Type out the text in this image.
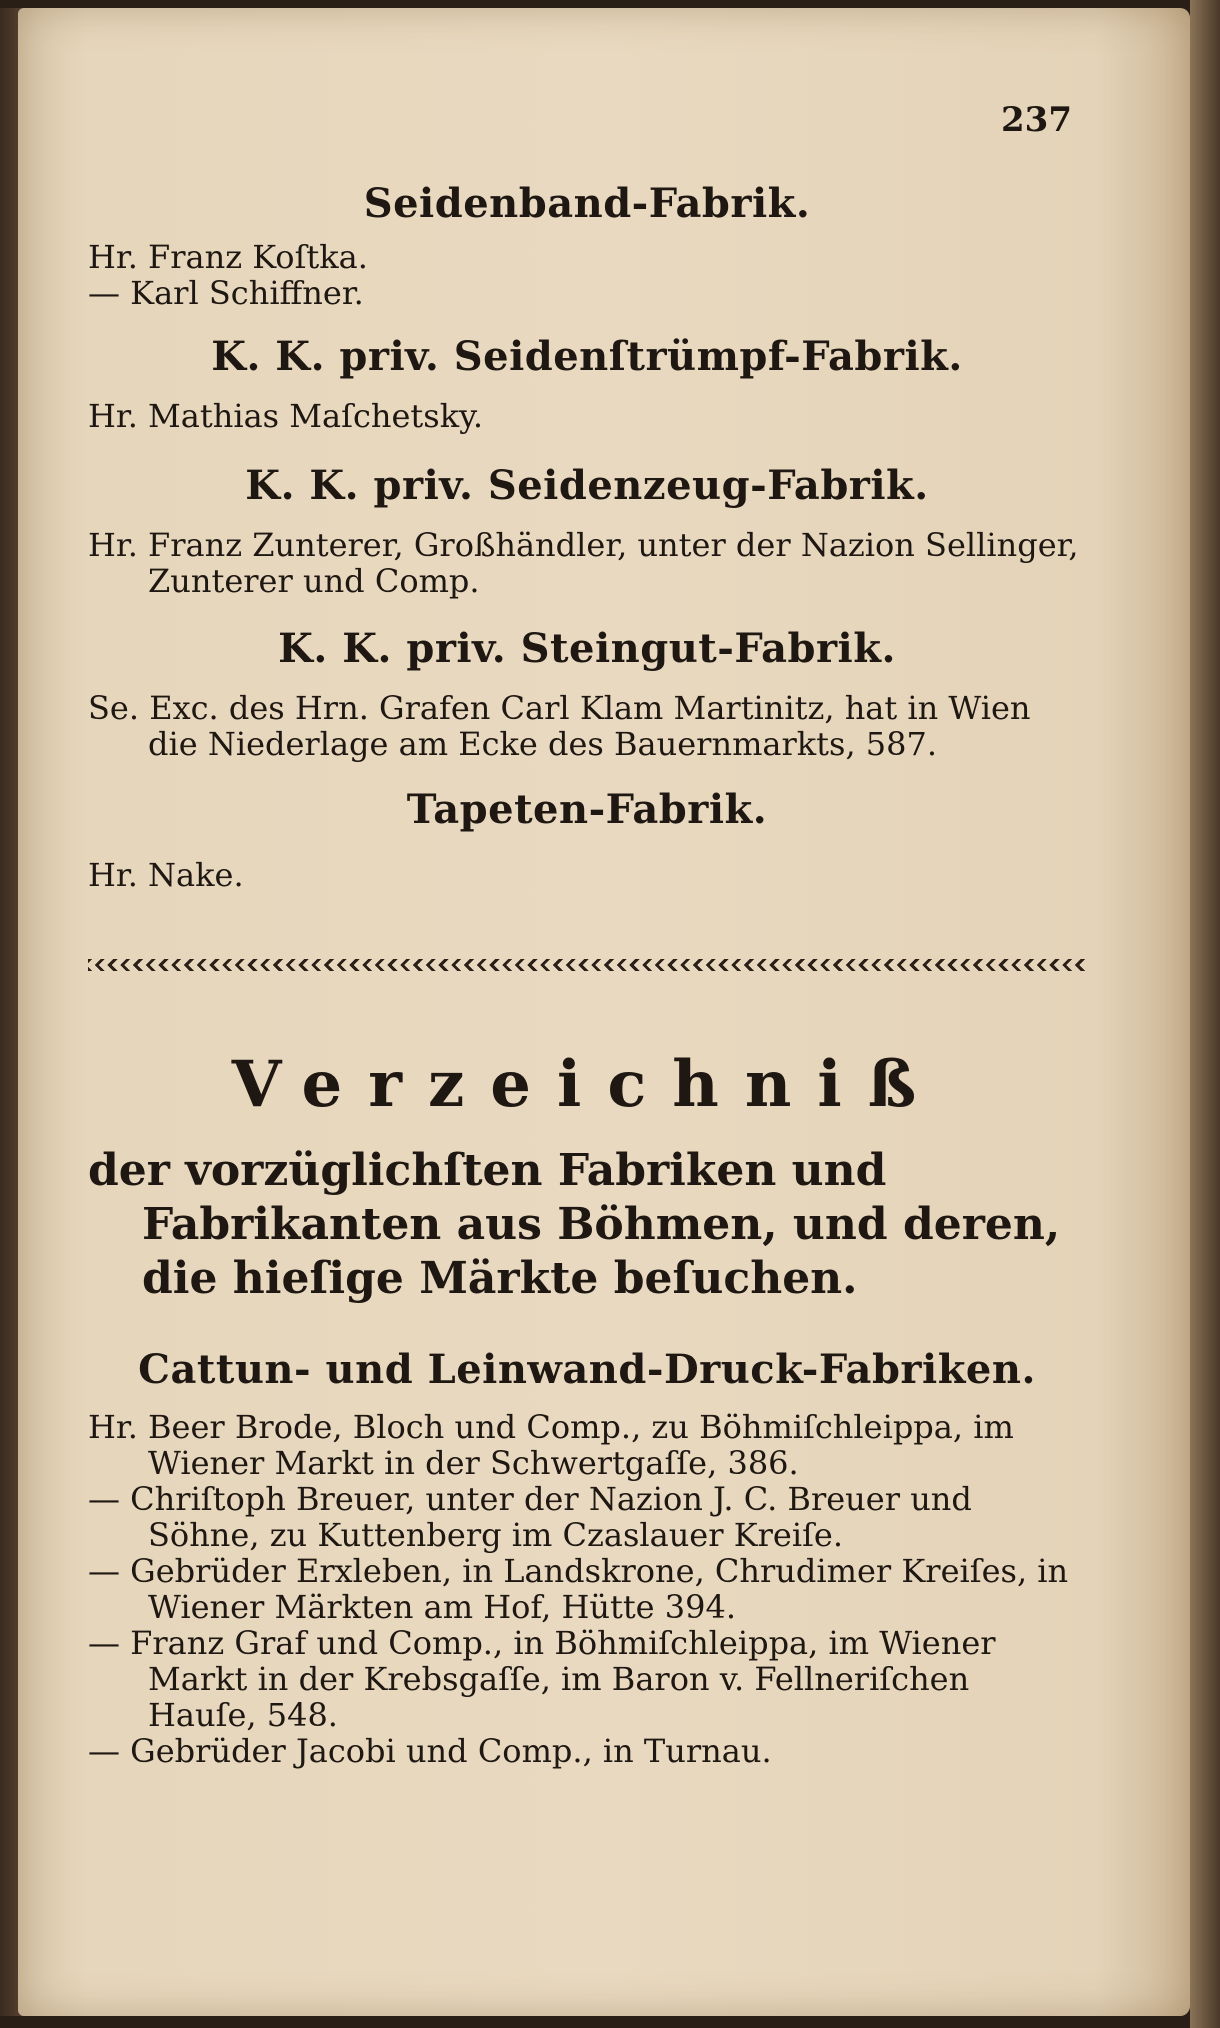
237
Seidenband-Fabrik.

Hr. Franz Koſtka.

— Karl Schiffner.

K. K. priv. Seidenſtrümpf-Fabrik.

Hr. Mathias Maſchetsky.

K. K. priv. Seidenzeug-Fabrik.

Hr. Franz Zunterer, Großhändler, unter der Nazion Sellinger, Zunterer und Comp.

K. K. priv. Steingut-Fabrik.

Se. Exc. des Hrn. Grafen Carl Klam Martinitz, hat in Wien die Niederlage am Ecke des Bauernmarkts, 587.

Tapeten-Fabrik.

Hr. Nake.

Verzeichniß

der vorzüglichſten Fabriken und Fabrikanten aus Böhmen, und deren, die hieſige Märkte beſuchen.

Cattun- und Leinwand-Druck-Fabriken.

Hr. Beer Brode, Bloch und Comp., zu Böhmiſchleippa, im Wiener Markt in der Schwertgaſſe, 386.

— Chriſtoph Breuer, unter der Nazion J. C. Breuer und Söhne, zu Kuttenberg im Czaslauer Kreiſe.

— Gebrüder Erxleben, in Landskrone, Chrudimer Kreiſes, in Wiener Märkten am Hof, Hütte 394.

— Franz Graf und Comp., in Böhmiſchleippa, im Wiener Markt in der Krebsgaſſe, im Baron v. Fellneriſchen Hauſe, 548.

— Gebrüder Jacobi und Comp., in Turnau.
